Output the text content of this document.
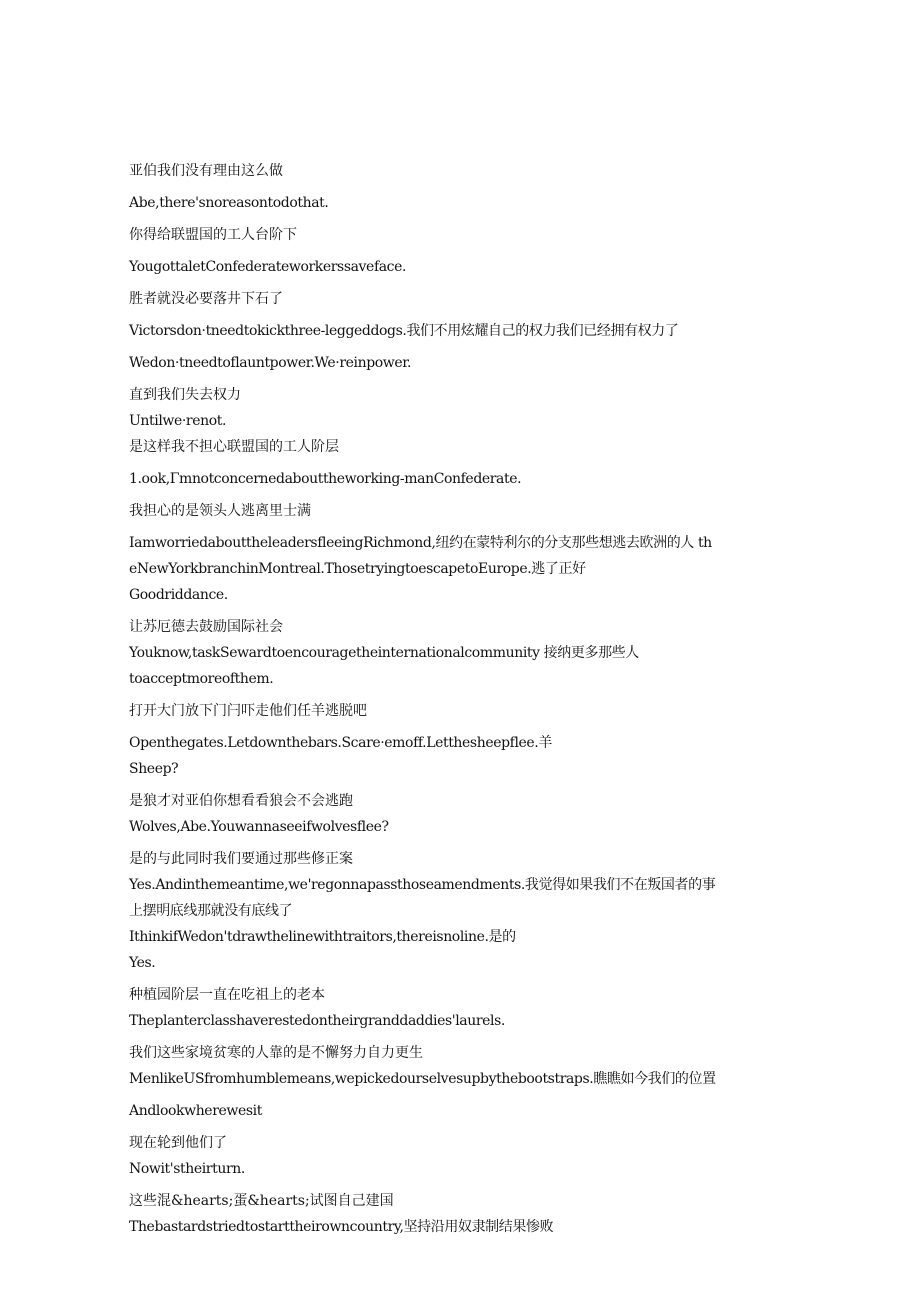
亚伯我们没有理由这么做

Abe,there'snoreasontodothat.

你得给联盟国的工人台阶下

YougottaletConfederateworkerssaveface.

胜者就没必要落井下石了

Victorsdon·tneedtokickthree-leggeddogs.我们不用炫耀自己的权力我们已经拥有权力了

Wedon·tneedtoflauntpower.We·reinpower.

直到我们失去权力

Untilwe·renot.

是这样我不担心联盟国的工人阶层

1.ook,Γmnotconcernedabouttheworking-manConfederate.

我担心的是领头人逃离里士满

IamworriedabouttheleadersfleeingRichmond,纽约在蒙特利尔的分支那些想逃去欧洲的人 theNewYorkbranchinMontreal.ThosetryingtoescapetoEurope.逃了正好

Goodriddance.

让苏厄德去鼓励国际社会

Youknow,taskSewardtoencouragetheinternationalcommunity 接纳更多那些人

toacceptmoreofthem.

打开大门放下门闩吓走他们任羊逃脱吧

Openthegates.Letdownthebars.Scare·emoff.Letthesheepflee.羊

Sheep?

是狼才对亚伯你想看看狼会不会逃跑

Wolves,Abe.Youwannaseeifwolvesflee?

是的与此同时我们要通过那些修正案

Yes.Andinthemeantime,we'regonnapassthoseamendments.我觉得如果我们不在叛国者的事上摆明底线那就没有底线了

IthinkifWedon'tdrawthelinewithtraitors,thereisnoline.是的

Yes.

种植园阶层一直在吃祖上的老本

Theplanterclasshaverestedontheirgranddaddies'laurels.

我们这些家境贫寒的人靠的是不懈努力自力更生

MenlikeUSfromhumblemeans,wepickedourselvesupbythebootstraps.瞧瞧如今我们的位置

Andlookwherewesit

现在轮到他们了

Nowit'stheirturn.

这些混&hearts;蛋&hearts;试图自己建国

Thebastardstriedtostarttheirowncountry,坚持沿用奴隶制结果惨败
